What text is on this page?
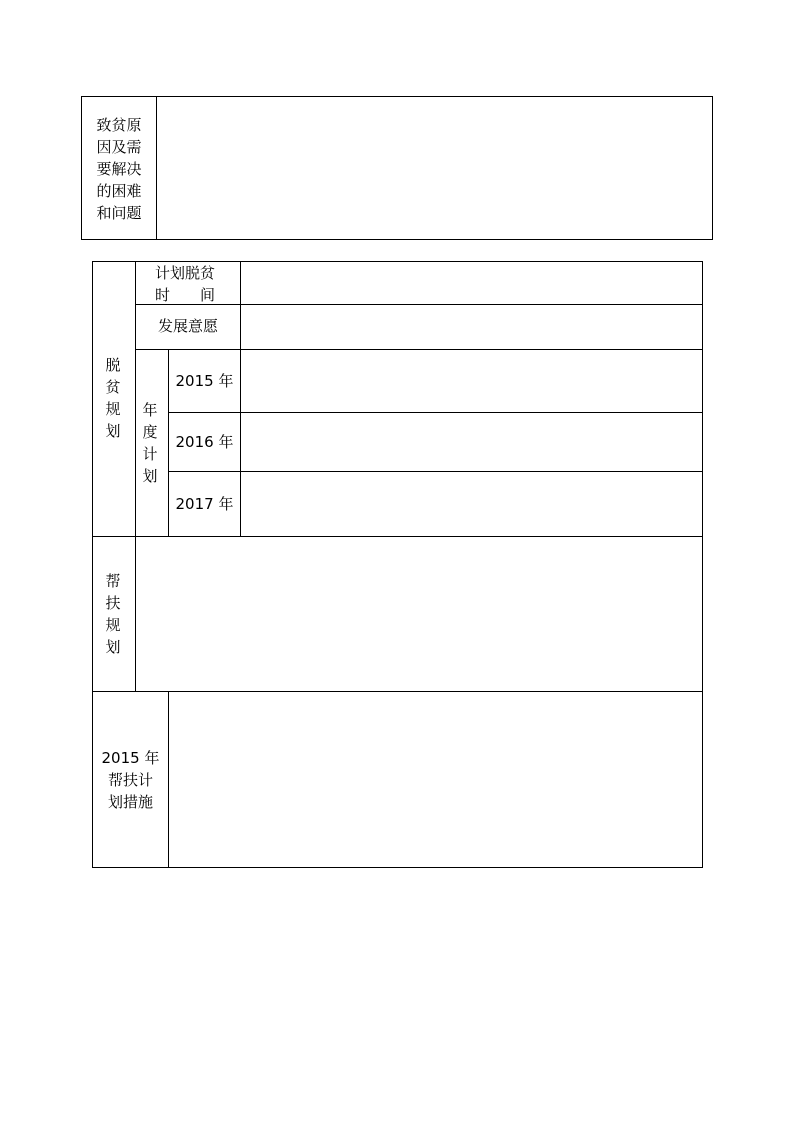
致贫原
因及需
要解决
的困难
和问题
脱
贫
规
划
计划脱贫
时　　间
发展意愿
年
度
计
划
2015 年
2016 年
2017 年
帮
扶
规
划
2015 年
帮扶计
划措施
